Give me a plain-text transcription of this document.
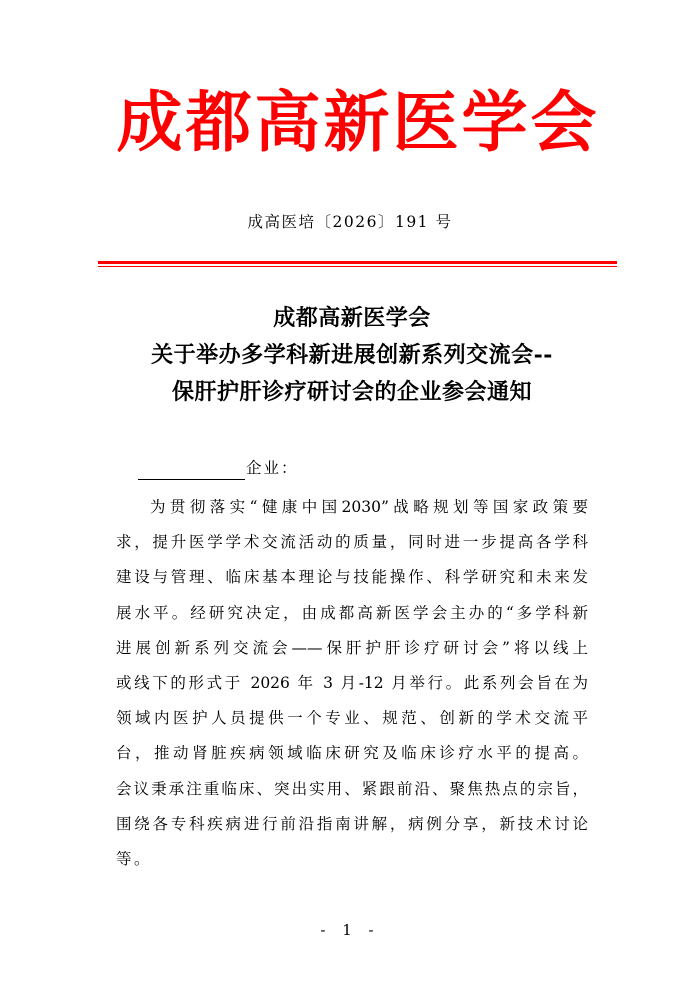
成都高新医学会
成高医培〔2026〕191 号
成都高新医学会
关于举办多学科新进展创新系列交流会--
保肝护肝诊疗研讨会的企业参会通知
企业：
为贯彻落实“健康中国2030”战略规划等国家政策要
求，提升医学学术交流活动的质量，同时进一步提高各学科
建设与管理、临床基本理论与技能操作、科学研究和未来发
展水平。经研究决定，由成都高新医学会主办的“多学科新
进展创新系列交流会——保肝护肝诊疗研讨会”将以线上
或线下的形式于 2026 年 3 月-12 月举行。此系列会旨在为
领域内医护人员提供一个专业、规范、创新的学术交流平
台，推动肾脏疾病领域临床研究及临床诊疗水平的提高。
会议秉承注重临床、突出实用、紧跟前沿、聚焦热点的宗旨，
围绕各专科疾病进行前沿指南讲解，病例分享，新技术讨论
等。
- 1 -
